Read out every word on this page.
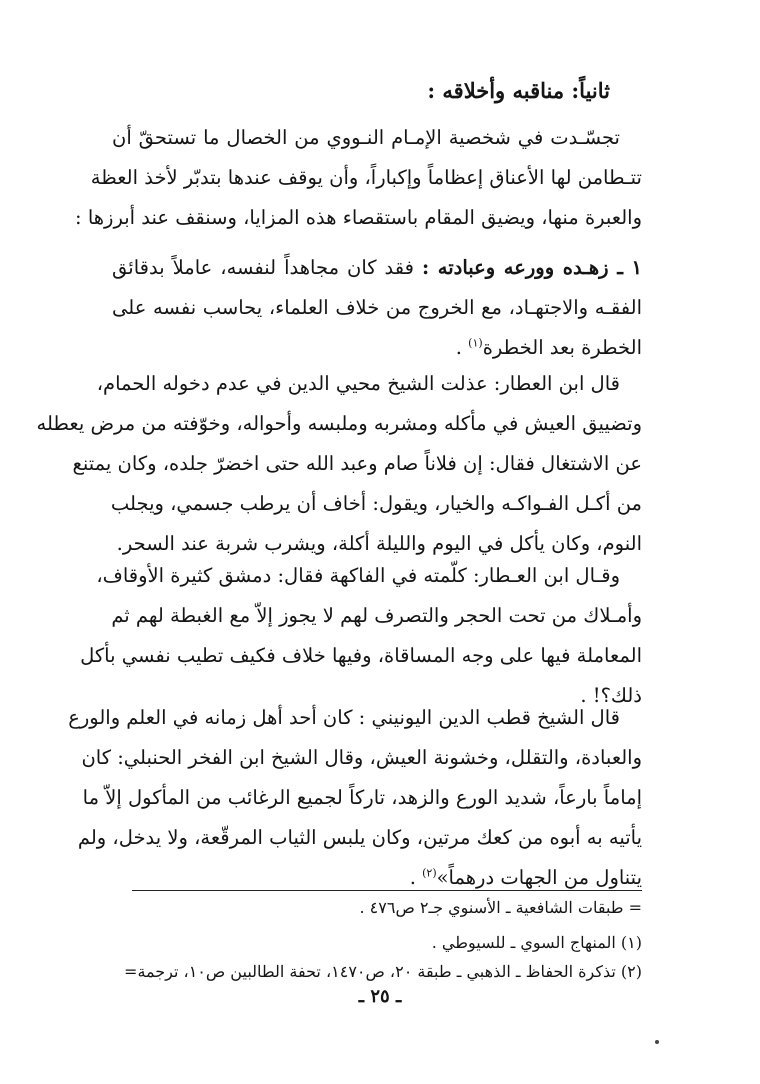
ثانياً: مناقبه وأخلاقه :
تجسّـدت في شخصية الإمـام النـووي من الخصال ما تستحقّ أن
تتـطامن لها الأعناق إعظاماً وإكباراً، وأن يوقف عندها بتدبّر لأخذ العظة
والعبرة منها، ويضيق المقام باستقصاء هذه المزايا، وسنقف عند أبرزها :
١ ـ زهـده وورعه وعبادته : فقد كان مجاهداً لنفسه، عاملاً بدقائق
الفقـه والاجتهـاد، مع الخروج من خلاف العلماء، يحاسب نفسه على
الخطرة بعد الخطرة$^{(١)}$ .
قال ابن العطار: عذلت الشيخ محيي الدين في عدم دخوله الحمام،
وتضييق العيش في مأكله ومشربه وملبسه وأحواله، وخوّفته من مرض يعطله
عن الاشتغال فقال: إن فلاناً صام وعبد الله حتى اخضرّ جلده، وكان يمتنع
من أكـل الفـواكـه والخيار، ويقول: أخاف أن يرطب جسمي، ويجلب
النوم، وكان يأكل في اليوم والليلة أكلة، ويشرب شربة عند السحر.
وقـال ابن العـطار: كلّمته في الفاكهة فقال: دمشق كثيرة الأوقاف،
وأمـلاك من تحت الحجر والتصرف لهم لا يجوز إلاّ مع الغبطة لهم ثم
المعاملة فيها على وجه المساقاة، وفيها خلاف فكيف تطيب نفسي بأكل
ذلك؟! .
قال الشيخ قطب الدين اليونيني : كان أحد أهل زمانه في العلم والورع
والعبادة، والتقلل، وخشونة العيش، وقال الشيخ ابن الفخر الحنبلي: كان
إماماً بارعاً، شديد الورع والزهد، تاركاً لجميع الرغائب من المأكول إلاّ ما
يأتيه به أبوه من كعك مرتين، وكان يلبس الثياب المرقّعة، ولا يدخل، ولم
يتناول من الجهات درهماً»$^{(٢)}$ .
= طبقات الشافعية ـ الأسنوي جـ٢ ص٤٧٦ .
(١) المنهاج السوي ـ للسيوطي .
(٢) تذكرة الحفاظ ـ الذهبي ـ طبقة ٢٠، ص١٤٧٠، تحفة الطالبين ص١٠، ترجمة=
ـ ٢٥ ـ
